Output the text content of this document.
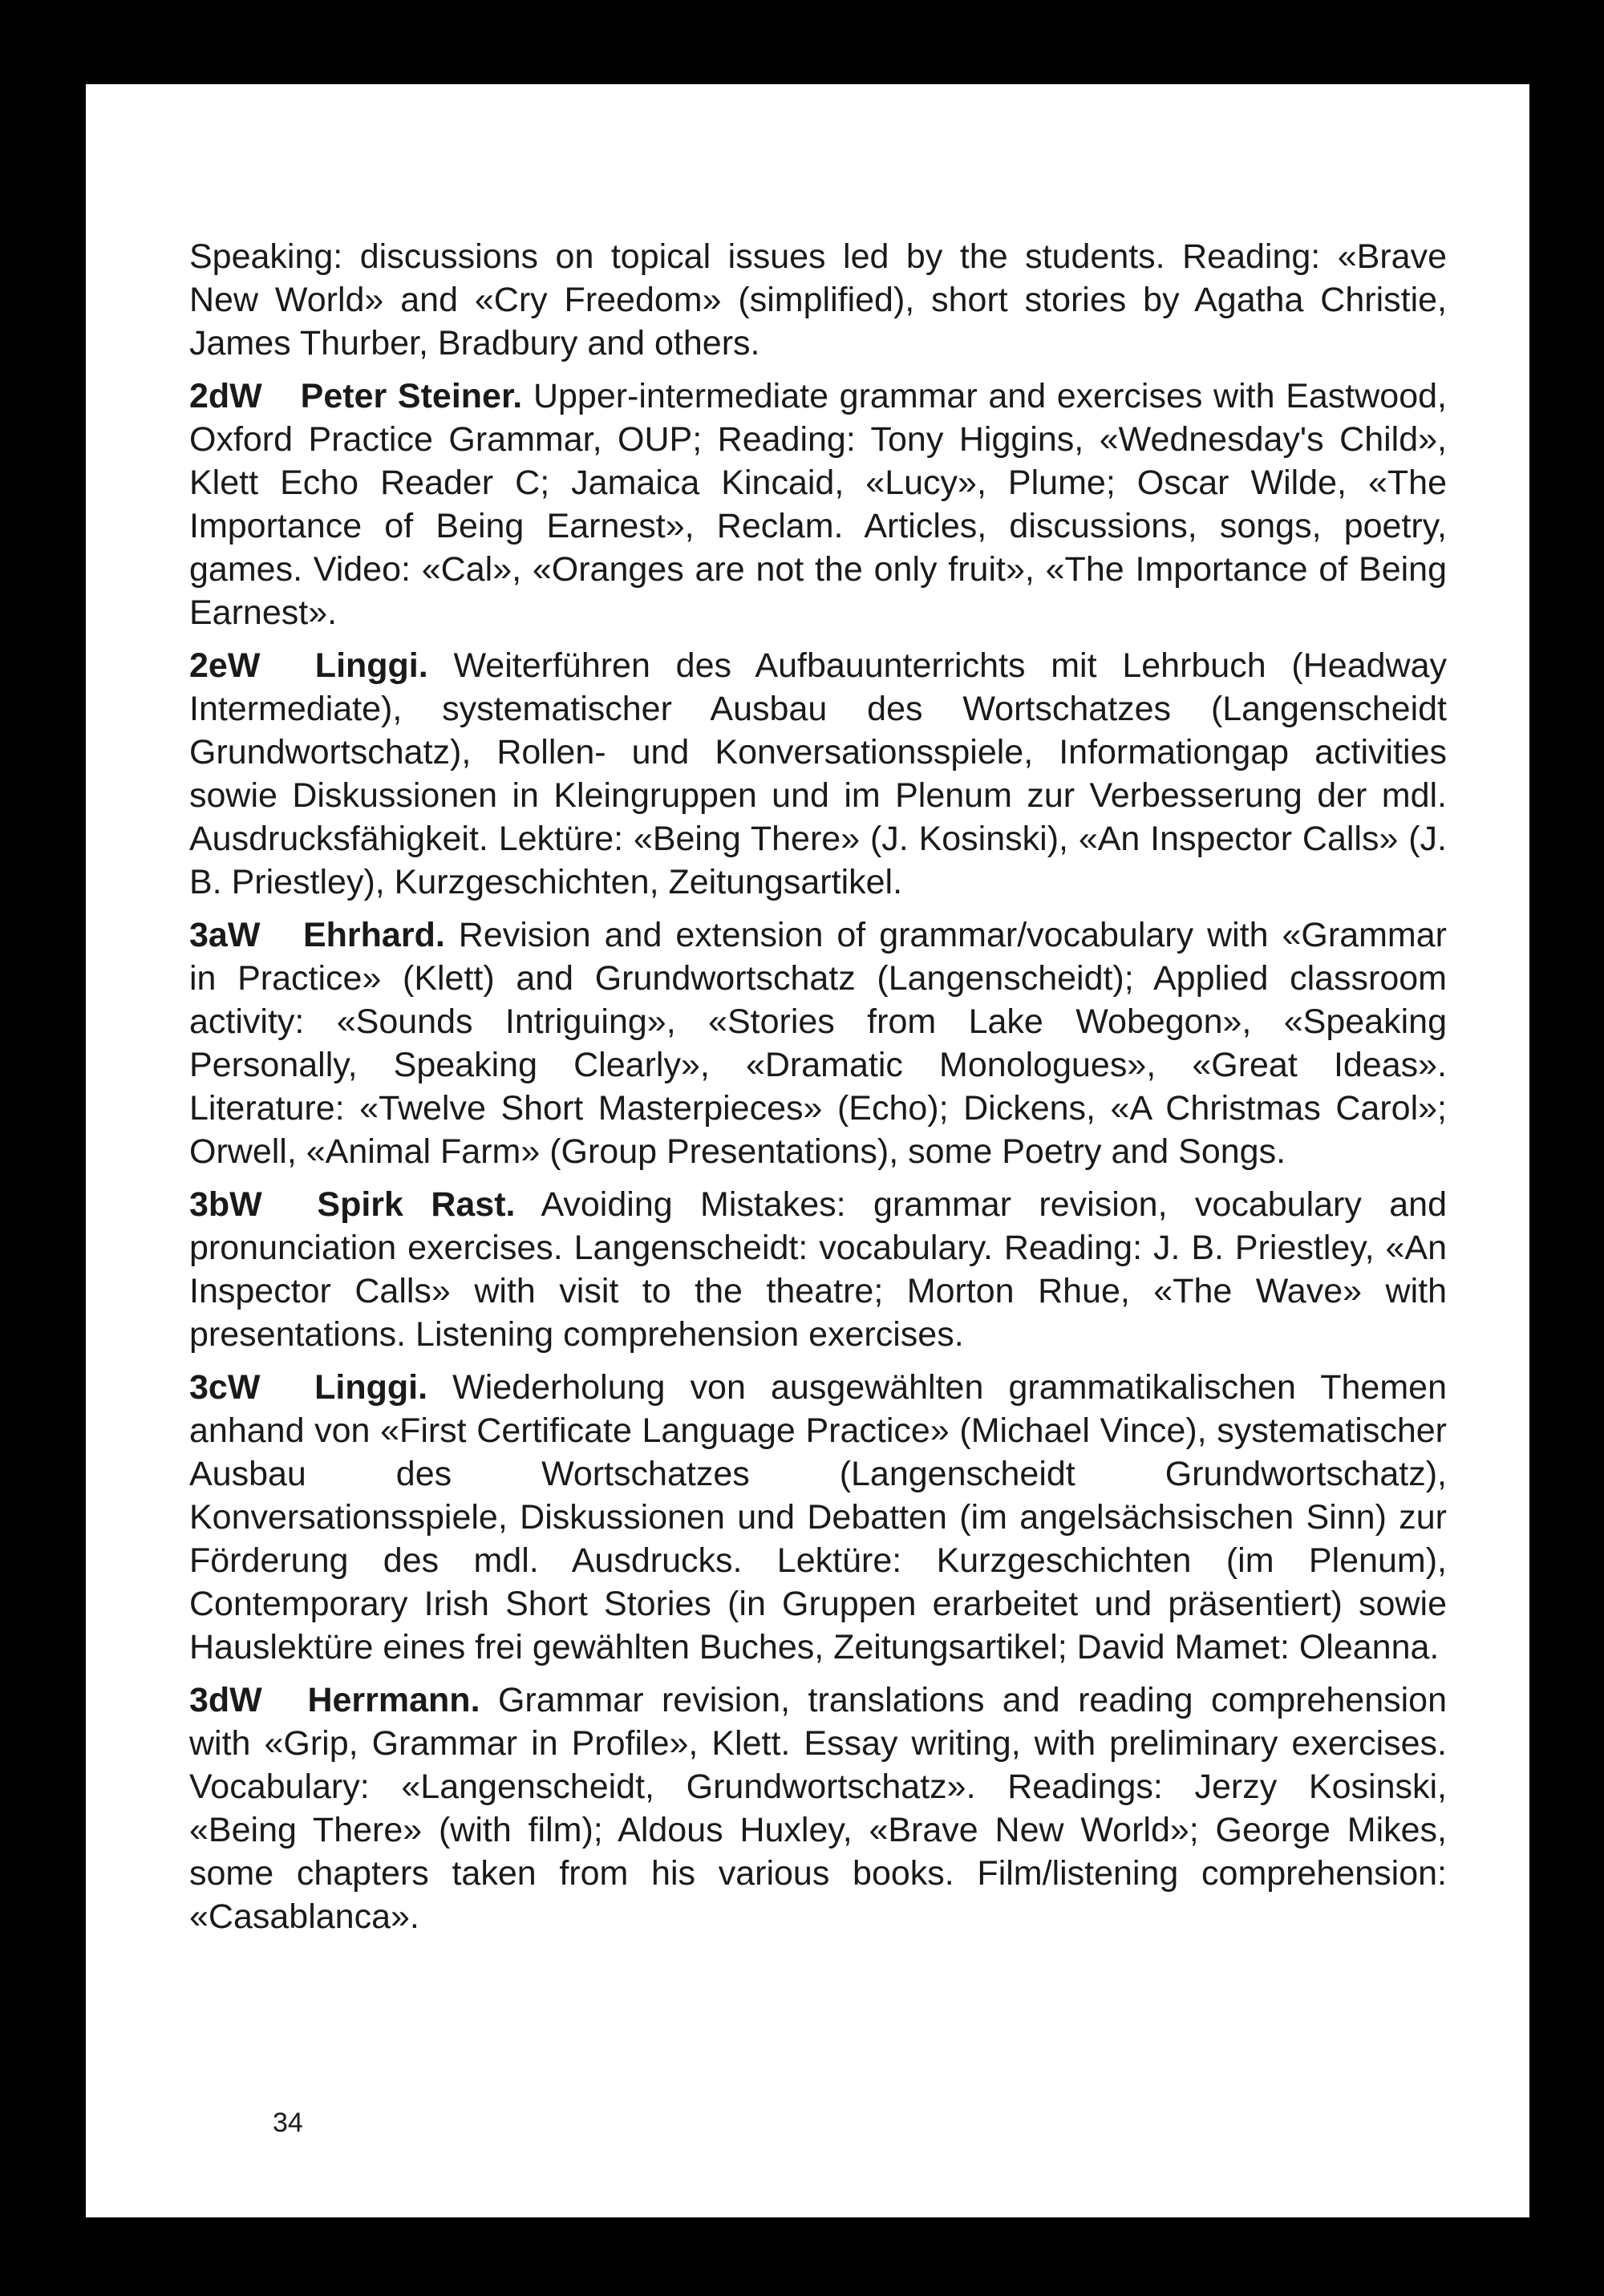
Speaking: discussions on topical issues led by the students. Reading: «Brave New World» and «Cry Freedom» (simplified), short stories by Agatha Christie, James Thurber, Bradbury and others.

2dW Peter Steiner. Upper-intermediate grammar and exercises with Eastwood, Oxford Practice Grammar, OUP; Reading: Tony Higgins, «Wednesday's Child», Klett Echo Reader C; Jamaica Kincaid, «Lucy», Plume; Oscar Wilde, «The Importance of Being Earnest», Reclam. Articles, discussions, songs, poetry, games. Video: «Cal», «Oranges are not the only fruit», «The Importance of Being Earnest».

2eW Linggi. Weiterführen des Aufbauunterrichts mit Lehrbuch (Headway Intermediate), systematischer Ausbau des Wortschatzes (Langenscheidt Grundwortschatz), Rollen- und Konversationsspiele, Informationgap activities sowie Diskussionen in Kleingruppen und im Plenum zur Verbesserung der mdl. Ausdrucksfähigkeit. Lektüre: «Being There» (J. Kosinski), «An Inspector Calls» (J. B. Priestley), Kurzgeschichten, Zeitungsartikel.

3aW Ehrhard. Revision and extension of grammar/vocabulary with «Grammar in Practice» (Klett) and Grundwortschatz (Langenscheidt); Applied classroom activity: «Sounds Intriguing», «Stories from Lake Wobegon», «Speaking Personally, Speaking Clearly», «Dramatic Monologues», «Great Ideas». Literature: «Twelve Short Masterpieces» (Echo); Dickens, «A Christmas Carol»; Orwell, «Animal Farm» (Group Presentations), some Poetry and Songs.

3bW Spirk Rast. Avoiding Mistakes: grammar revision, vocabulary and pronunciation exercises. Langenscheidt: vocabulary. Reading: J. B. Priestley, «An Inspector Calls» with visit to the theatre; Morton Rhue, «The Wave» with presentations. Listening comprehension exercises.

3cW Linggi. Wiederholung von ausgewählten grammatikalischen Themen anhand von «First Certificate Language Practice» (Michael Vince), systematischer Ausbau des Wortschatzes (Langenscheidt Grundwortschatz), Konversationsspiele, Diskussionen und Debatten (im angelsächsischen Sinn) zur Förderung des mdl. Ausdrucks. Lektüre: Kurzgeschichten (im Plenum), Contemporary Irish Short Stories (in Gruppen erarbeitet und präsentiert) sowie Hauslektüre eines frei gewählten Buches, Zeitungsartikel; David Mamet: Oleanna.

3dW Herrmann. Grammar revision, translations and reading comprehension with «Grip, Grammar in Profile», Klett. Essay writing, with preliminary exercises. Vocabulary: «Langenscheidt, Grundwortschatz». Readings: Jerzy Kosinski, «Being There» (with film); Aldous Huxley, «Brave New World»; George Mikes, some chapters taken from his various books. Film/listening comprehension: «Casablanca».

34
